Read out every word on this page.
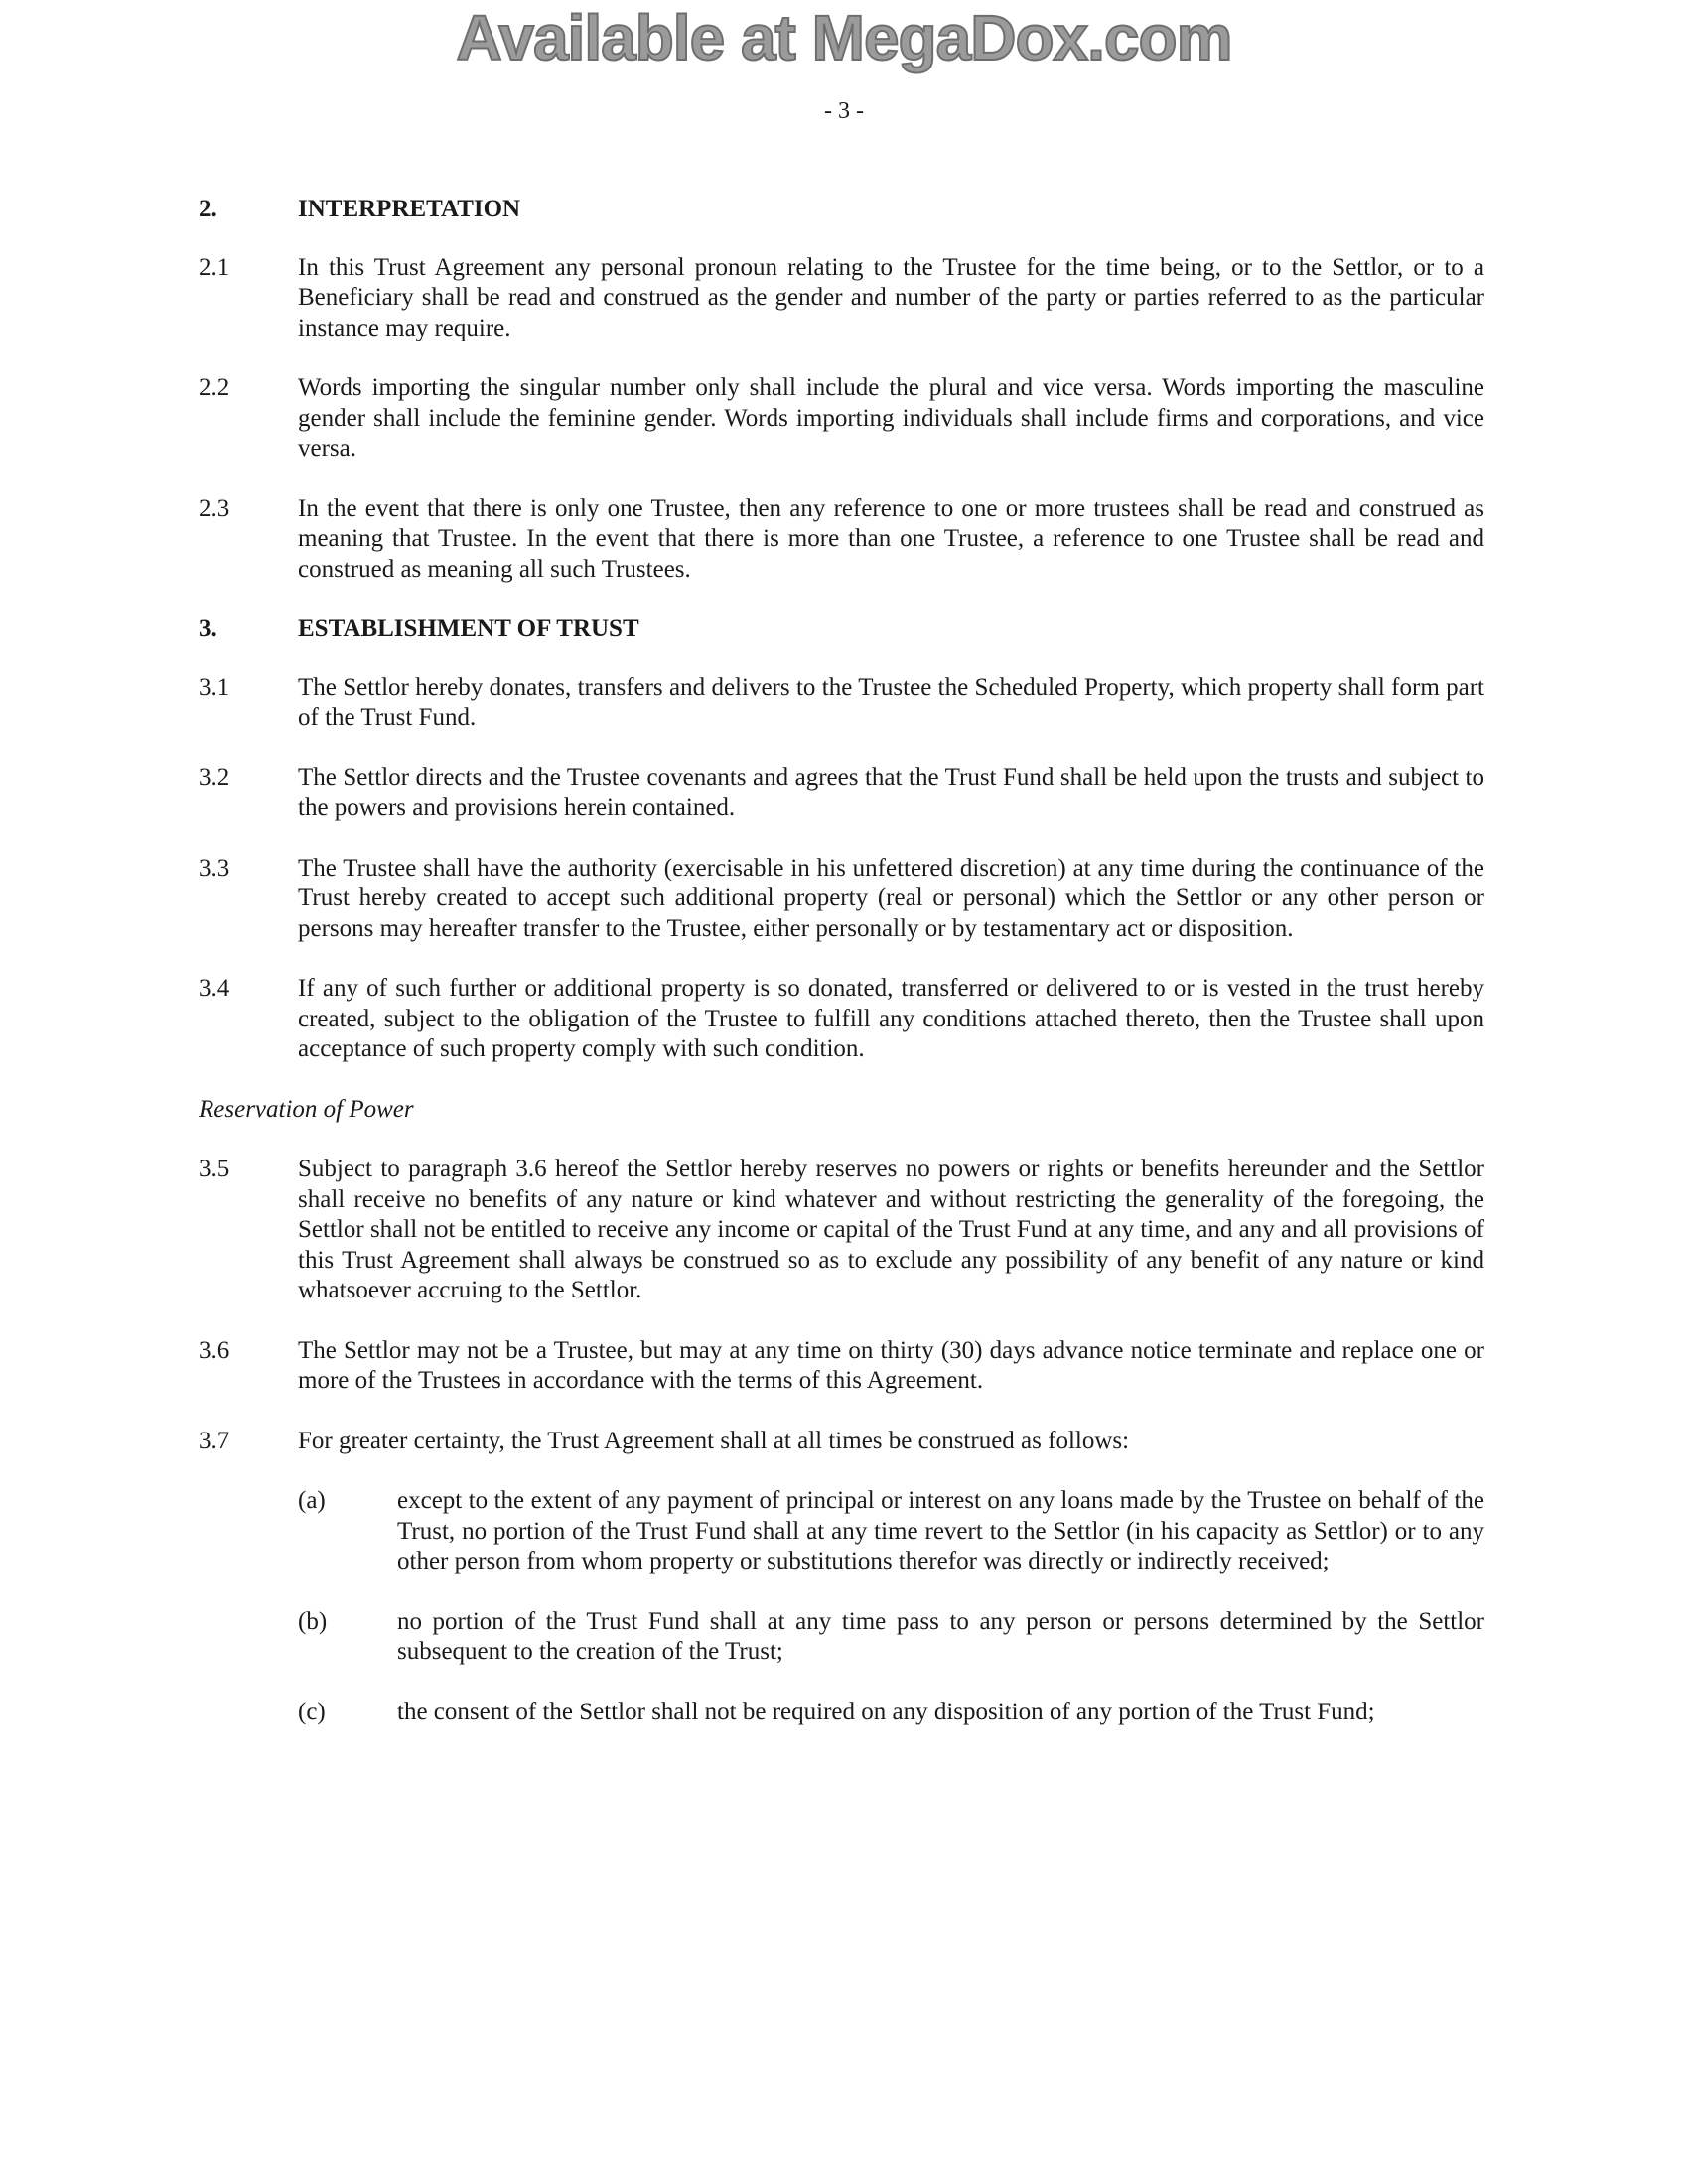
Available at MegaDox.com
- 3 -
2.	INTERPRETATION
2.1	In this Trust Agreement any personal pronoun relating to the Trustee for the time being, or to the Settlor, or to a Beneficiary shall be read and construed as the gender and number of the party or parties referred to as the particular instance may require.
2.2	Words importing the singular number only shall include the plural and vice versa. Words importing the masculine gender shall include the feminine gender. Words importing individuals shall include firms and corporations, and vice versa.
2.3	In the event that there is only one Trustee, then any reference to one or more trustees shall be read and construed as meaning that Trustee. In the event that there is more than one Trustee, a reference to one Trustee shall be read and construed as meaning all such Trustees.
3.	ESTABLISHMENT OF TRUST
3.1	The Settlor hereby donates, transfers and delivers to the Trustee the Scheduled Property, which property shall form part of the Trust Fund.
3.2	The Settlor directs and the Trustee covenants and agrees that the Trust Fund shall be held upon the trusts and subject to the powers and provisions herein contained.
3.3	The Trustee shall have the authority (exercisable in his unfettered discretion) at any time during the continuance of the Trust hereby created to accept such additional property (real or personal) which the Settlor or any other person or persons may hereafter transfer to the Trustee, either personally or by testamentary act or disposition.
3.4	If any of such further or additional property is so donated, transferred or delivered to or is vested in the trust hereby created, subject to the obligation of the Trustee to fulfill any conditions attached thereto, then the Trustee shall upon acceptance of such property comply with such condition.
Reservation of Power
3.5	Subject to paragraph 3.6 hereof the Settlor hereby reserves no powers or rights or benefits hereunder and the Settlor shall receive no benefits of any nature or kind whatever and without restricting the generality of the foregoing, the Settlor shall not be entitled to receive any income or capital of the Trust Fund at any time, and any and all provisions of this Trust Agreement shall always be construed so as to exclude any possibility of any benefit of any nature or kind whatsoever accruing to the Settlor.
3.6	The Settlor may not be a Trustee, but may at any time on thirty (30) days advance notice terminate and replace one or more of the Trustees in accordance with the terms of this Agreement.
3.7	For greater certainty, the Trust Agreement shall at all times be construed as follows:
(a)	except to the extent of any payment of principal or interest on any loans made by the Trustee on behalf of the Trust, no portion of the Trust Fund shall at any time revert to the Settlor (in his capacity as Settlor) or to any other person from whom property or substitutions therefor was directly or indirectly received;
(b)	no portion of the Trust Fund shall at any time pass to any person or persons determined by the Settlor subsequent to the creation of the Trust;
(c)	the consent of the Settlor shall not be required on any disposition of any portion of the Trust Fund;
